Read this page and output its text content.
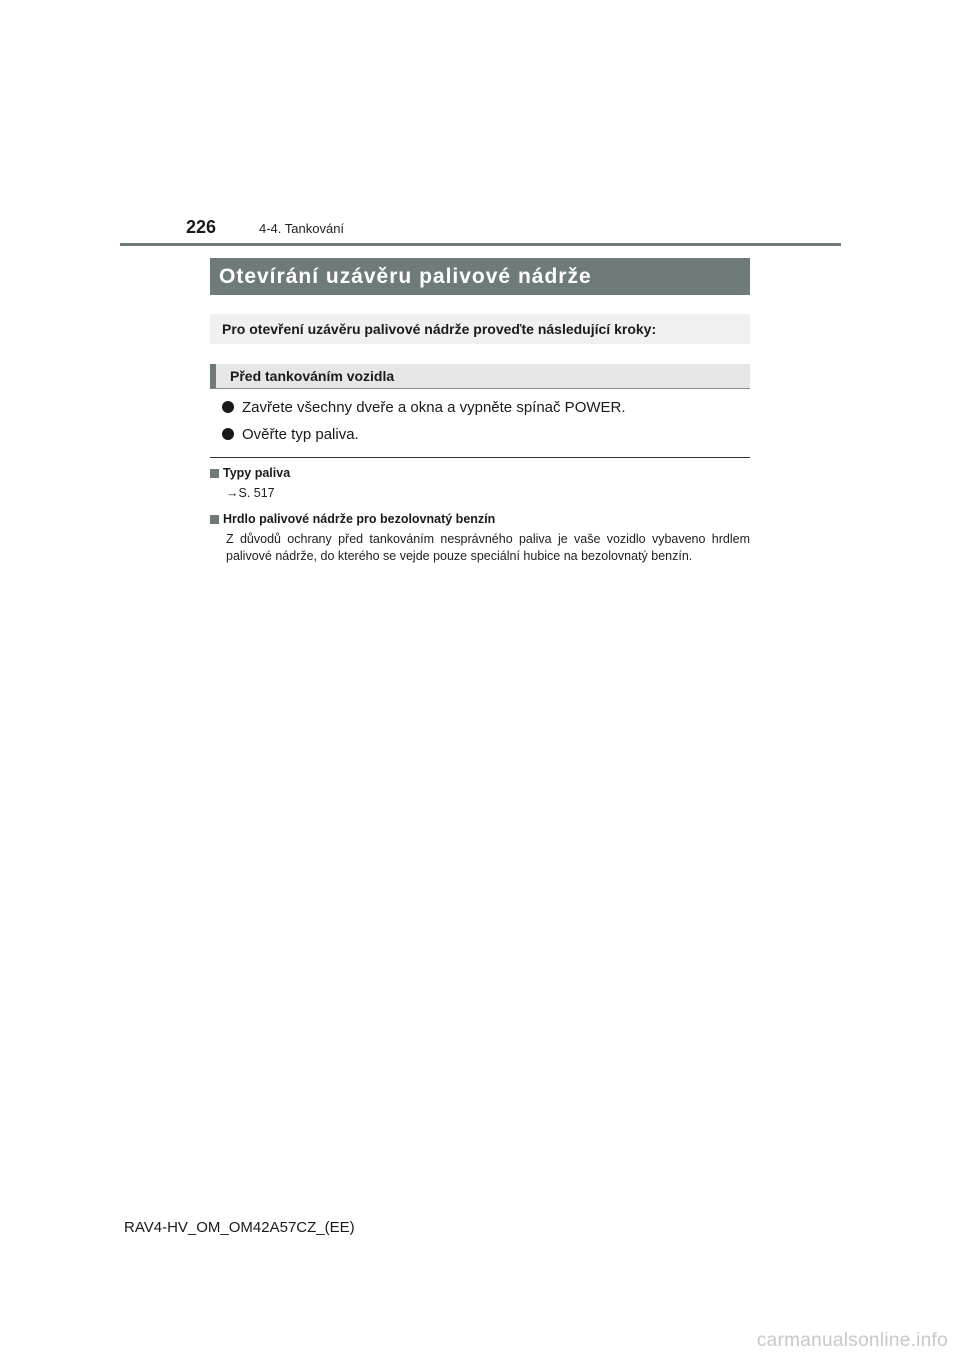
226	4-4. Tankování
Otevírání uzávěru palivové nádrže
Pro otevření uzávěru palivové nádrže proveďte následující kroky:
Před tankováním vozidla
Zavřete všechny dveře a okna a vypněte spínač POWER.
Ověřte typ paliva.
Typy paliva
→S. 517
Hrdlo palivové nádrže pro bezolovnatý benzín
Z důvodů ochrany před tankováním nesprávného paliva je vaše vozidlo vybaveno hrdlem palivové nádrže, do kterého se vejde pouze speciální hubice na bezolovnatý benzín.
RAV4-HV_OM_OM42A57CZ_(EE)
carmanualsonline.info
